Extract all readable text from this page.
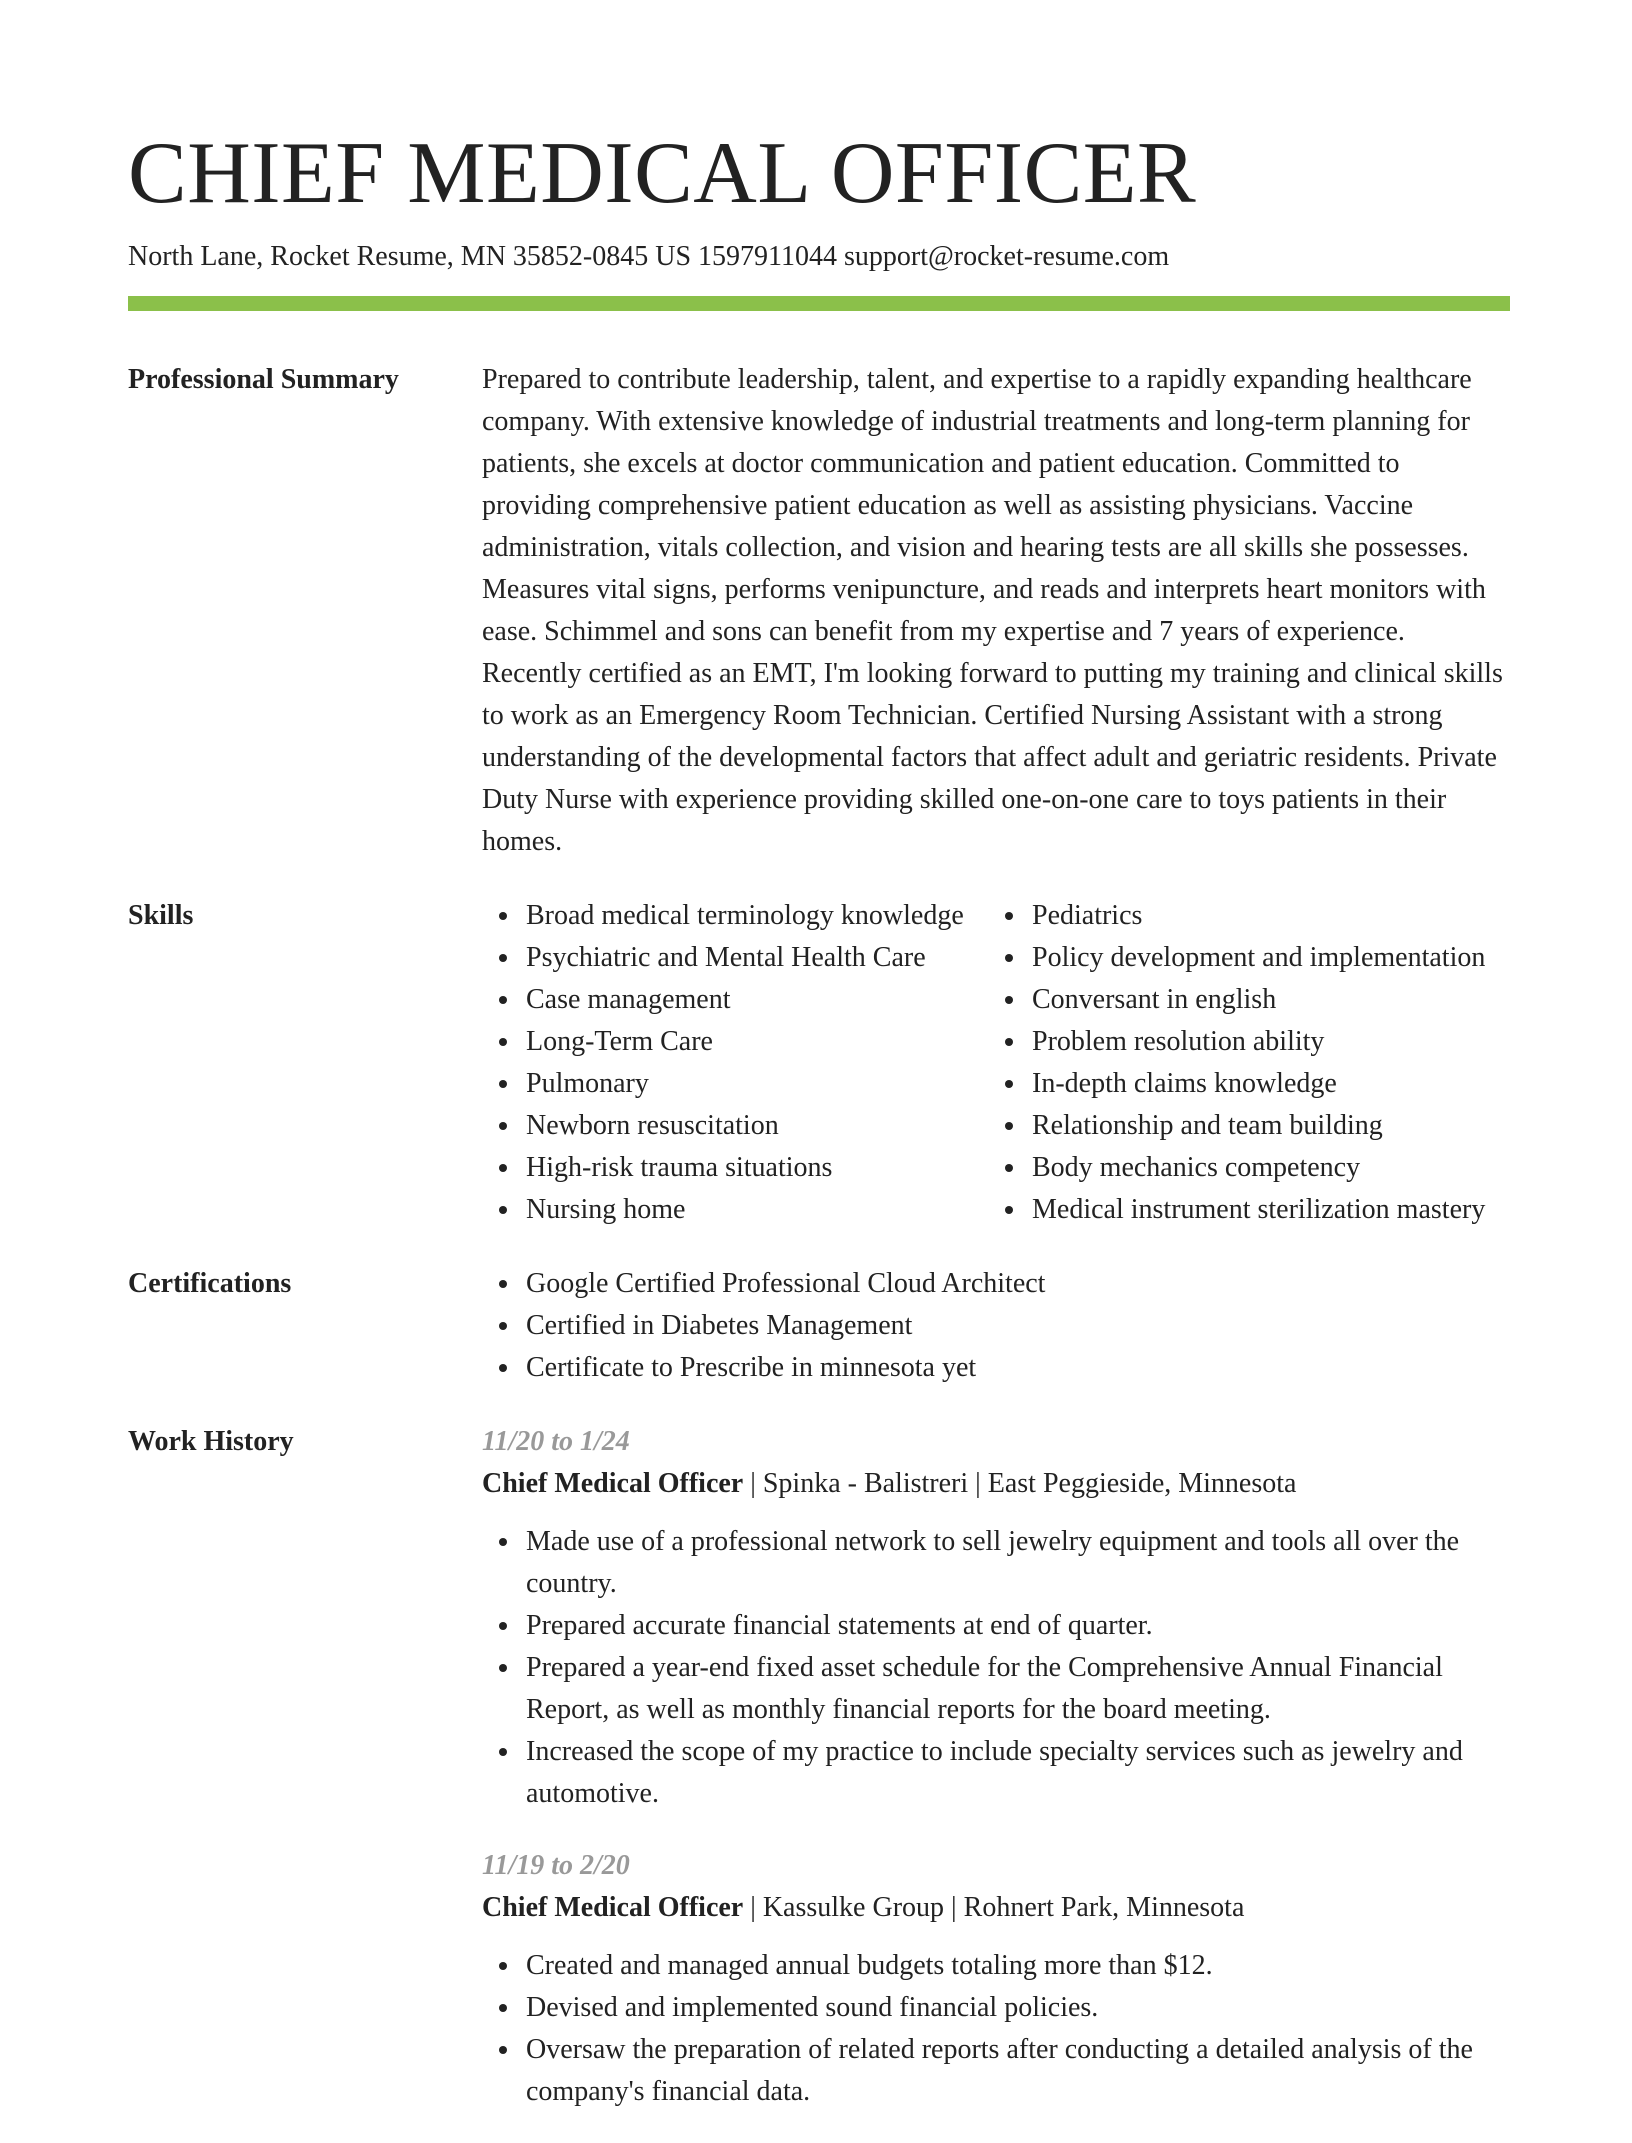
CHIEF MEDICAL OFFICER
North Lane, Rocket Resume, MN 35852-0845 US 1597911044 support@rocket-resume.com
Professional Summary	Prepared to contribute leadership, talent, and expertise to a rapidly expanding healthcare company. With extensive knowledge of industrial treatments and long-term planning for patients, she excels at doctor communication and patient education. Committed to providing comprehensive patient education as well as assisting physicians. Vaccine administration, vitals collection, and vision and hearing tests are all skills she possesses. Measures vital signs, performs venipuncture, and reads and interprets heart monitors with ease. Schimmel and sons can benefit from my expertise and 7 years of experience. Recently certified as an EMT, I'm looking forward to putting my training and clinical skills to work as an Emergency Room Technician. Certified Nursing Assistant with a strong understanding of the developmental factors that affect adult and geriatric residents. Private Duty Nurse with experience providing skilled one-on-one care to toys patients in their homes.
Skills	Broad medical terminology knowledge
Psychiatric and Mental Health Care
Case management
Long-Term Care
Pulmonary
Newborn resuscitation
High-risk trauma situations
Nursing home
Pediatrics
Policy development and implementation
Conversant in english
Problem resolution ability
In-depth claims knowledge
Relationship and team building
Body mechanics competency
Medical instrument sterilization mastery
Certifications	Google Certified Professional Cloud Architect
Certified in Diabetes Management
Certificate to Prescribe in minnesota yet
Work History	11/20 to 1/24
Chief Medical Officer | Spinka - Balistreri | East Peggieside, Minnesota
Made use of a professional network to sell jewelry equipment and tools all over the country.
Prepared accurate financial statements at end of quarter.
Prepared a year-end fixed asset schedule for the Comprehensive Annual Financial Report, as well as monthly financial reports for the board meeting.
Increased the scope of my practice to include specialty services such as jewelry and automotive.
11/19 to 2/20
Chief Medical Officer | Kassulke Group | Rohnert Park, Minnesota
Created and managed annual budgets totaling more than $12.
Devised and implemented sound financial policies.
Oversaw the preparation of related reports after conducting a detailed analysis of the company's financial data.
